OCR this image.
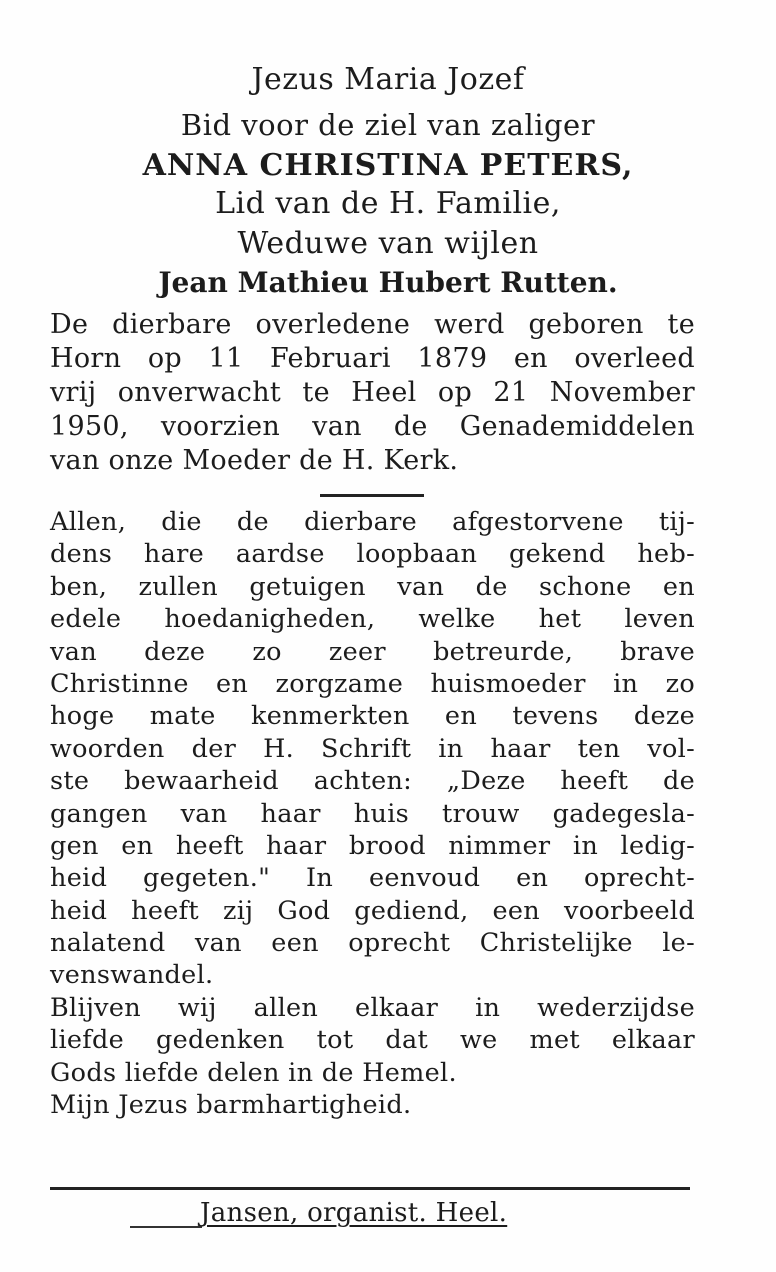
Jezus Maria Jozef
Bid voor de ziel van zaliger
ANNA CHRISTINA PETERS,
Lid van de H. Familie,
Weduwe van wijlen
Jean Mathieu Hubert Rutten.
De dierbare overledene werd geboren te
Horn op 11 Februari 1879 en overleed
vrij onverwacht te Heel op 21 November
1950, voorzien van de Genademiddelen
van onze Moeder de H. Kerk.
Allen, die de dierbare afgestorvene tij-
dens hare aardse loopbaan gekend heb-
ben, zullen getuigen van de schone en
edele hoedanigheden, welke het leven
van deze zo zeer betreurde, brave
Christinne en zorgzame huismoeder in zo
hoge mate kenmerkten en tevens deze
woorden der H. Schrift in haar ten vol-
ste bewaarheid achten: „Deze heeft de
gangen van haar huis trouw gadegesla-
gen en heeft haar brood nimmer in ledig-
heid gegeten." In eenvoud en oprecht-
heid heeft zij God gediend, een voorbeeld
nalatend van een oprecht Christelijke le-
venswandel.
Blijven wij allen elkaar in wederzijdse
liefde gedenken tot dat we met elkaar
Gods liefde delen in de Hemel.
Mijn Jezus barmhartigheid.
Jansen, organist. Heel.
